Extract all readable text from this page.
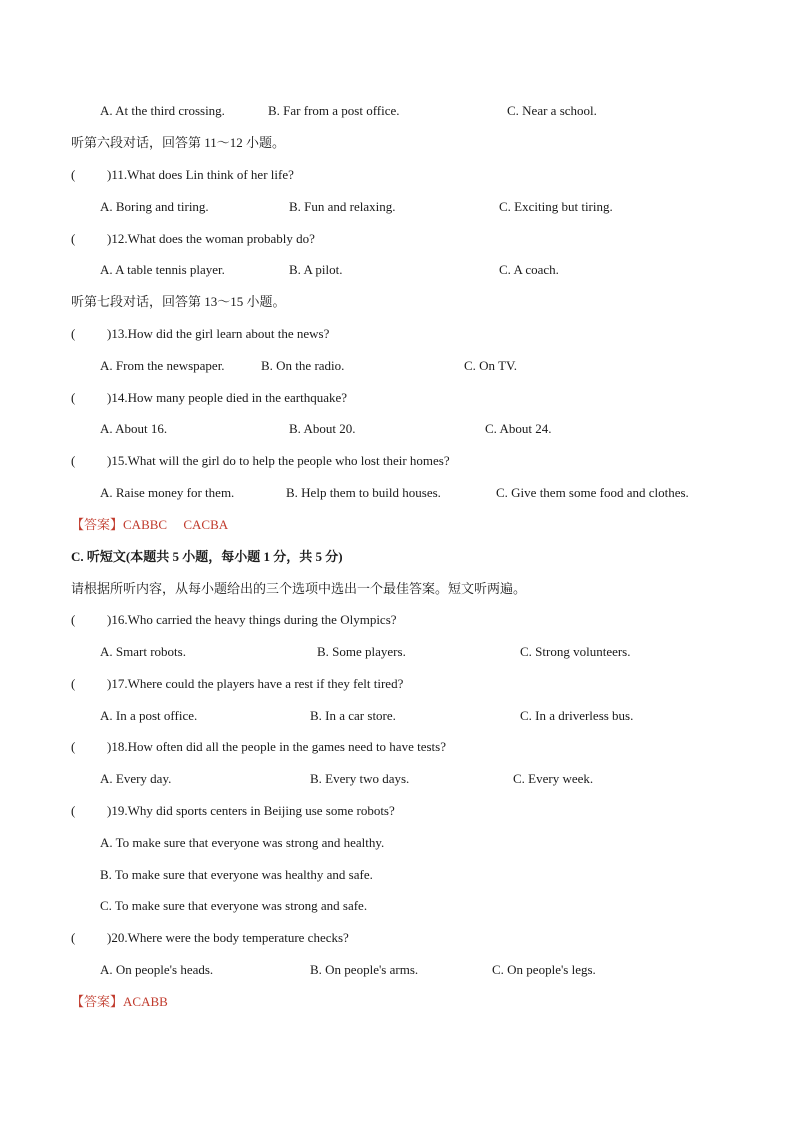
A. At the third crossing.	B. Far from a post office.	C. Near a school.
听第六段对话，回答第 11～12 小题。
( )11.What does Lin think of her life?
A. Boring and tiring.	B. Fun and relaxing.	C. Exciting but tiring.
( )12.What does the woman probably do?
A. A table tennis player.	B. A pilot.	C. A coach.
听第七段对话，回答第 13～15 小题。
( )13.How did the girl learn about the news?
A. From the newspaper.	B. On the radio.	C. On TV.
( )14.How many people died in the earthquake?
A. About 16.	B. About 20.	C. About 24.
( )15.What will the girl do to help the people who lost their homes?
A. Raise money for them.	B. Help them to build houses.	C. Give them some food and clothes.
【答案】CABBC     CACBA
C. 听短文(本题共 5 小题，每小题 1 分，共 5 分)
请根据所听内容，从每小题给出的三个选项中选出一个最佳答案。短文听两遍。
( )16.Who carried the heavy things during the Olympics?
A. Smart robots.	B. Some players.	C. Strong volunteers.
( )17.Where could the players have a rest if they felt tired?
A. In a post office.	B. In a car store.	C. In a driverless bus.
( )18.How often did all the people in the games need to have tests?
A. Every day.	B. Every two days.	C. Every week.
( )19.Why did sports centers in Beijing use some robots?
A. To make sure that everyone was strong and healthy.
B. To make sure that everyone was healthy and safe.
C. To make sure that everyone was strong and safe.
( )20.Where were the body temperature checks?
A. On people's heads.	B. On people's arms.	C. On people's legs.
【答案】ACABB
